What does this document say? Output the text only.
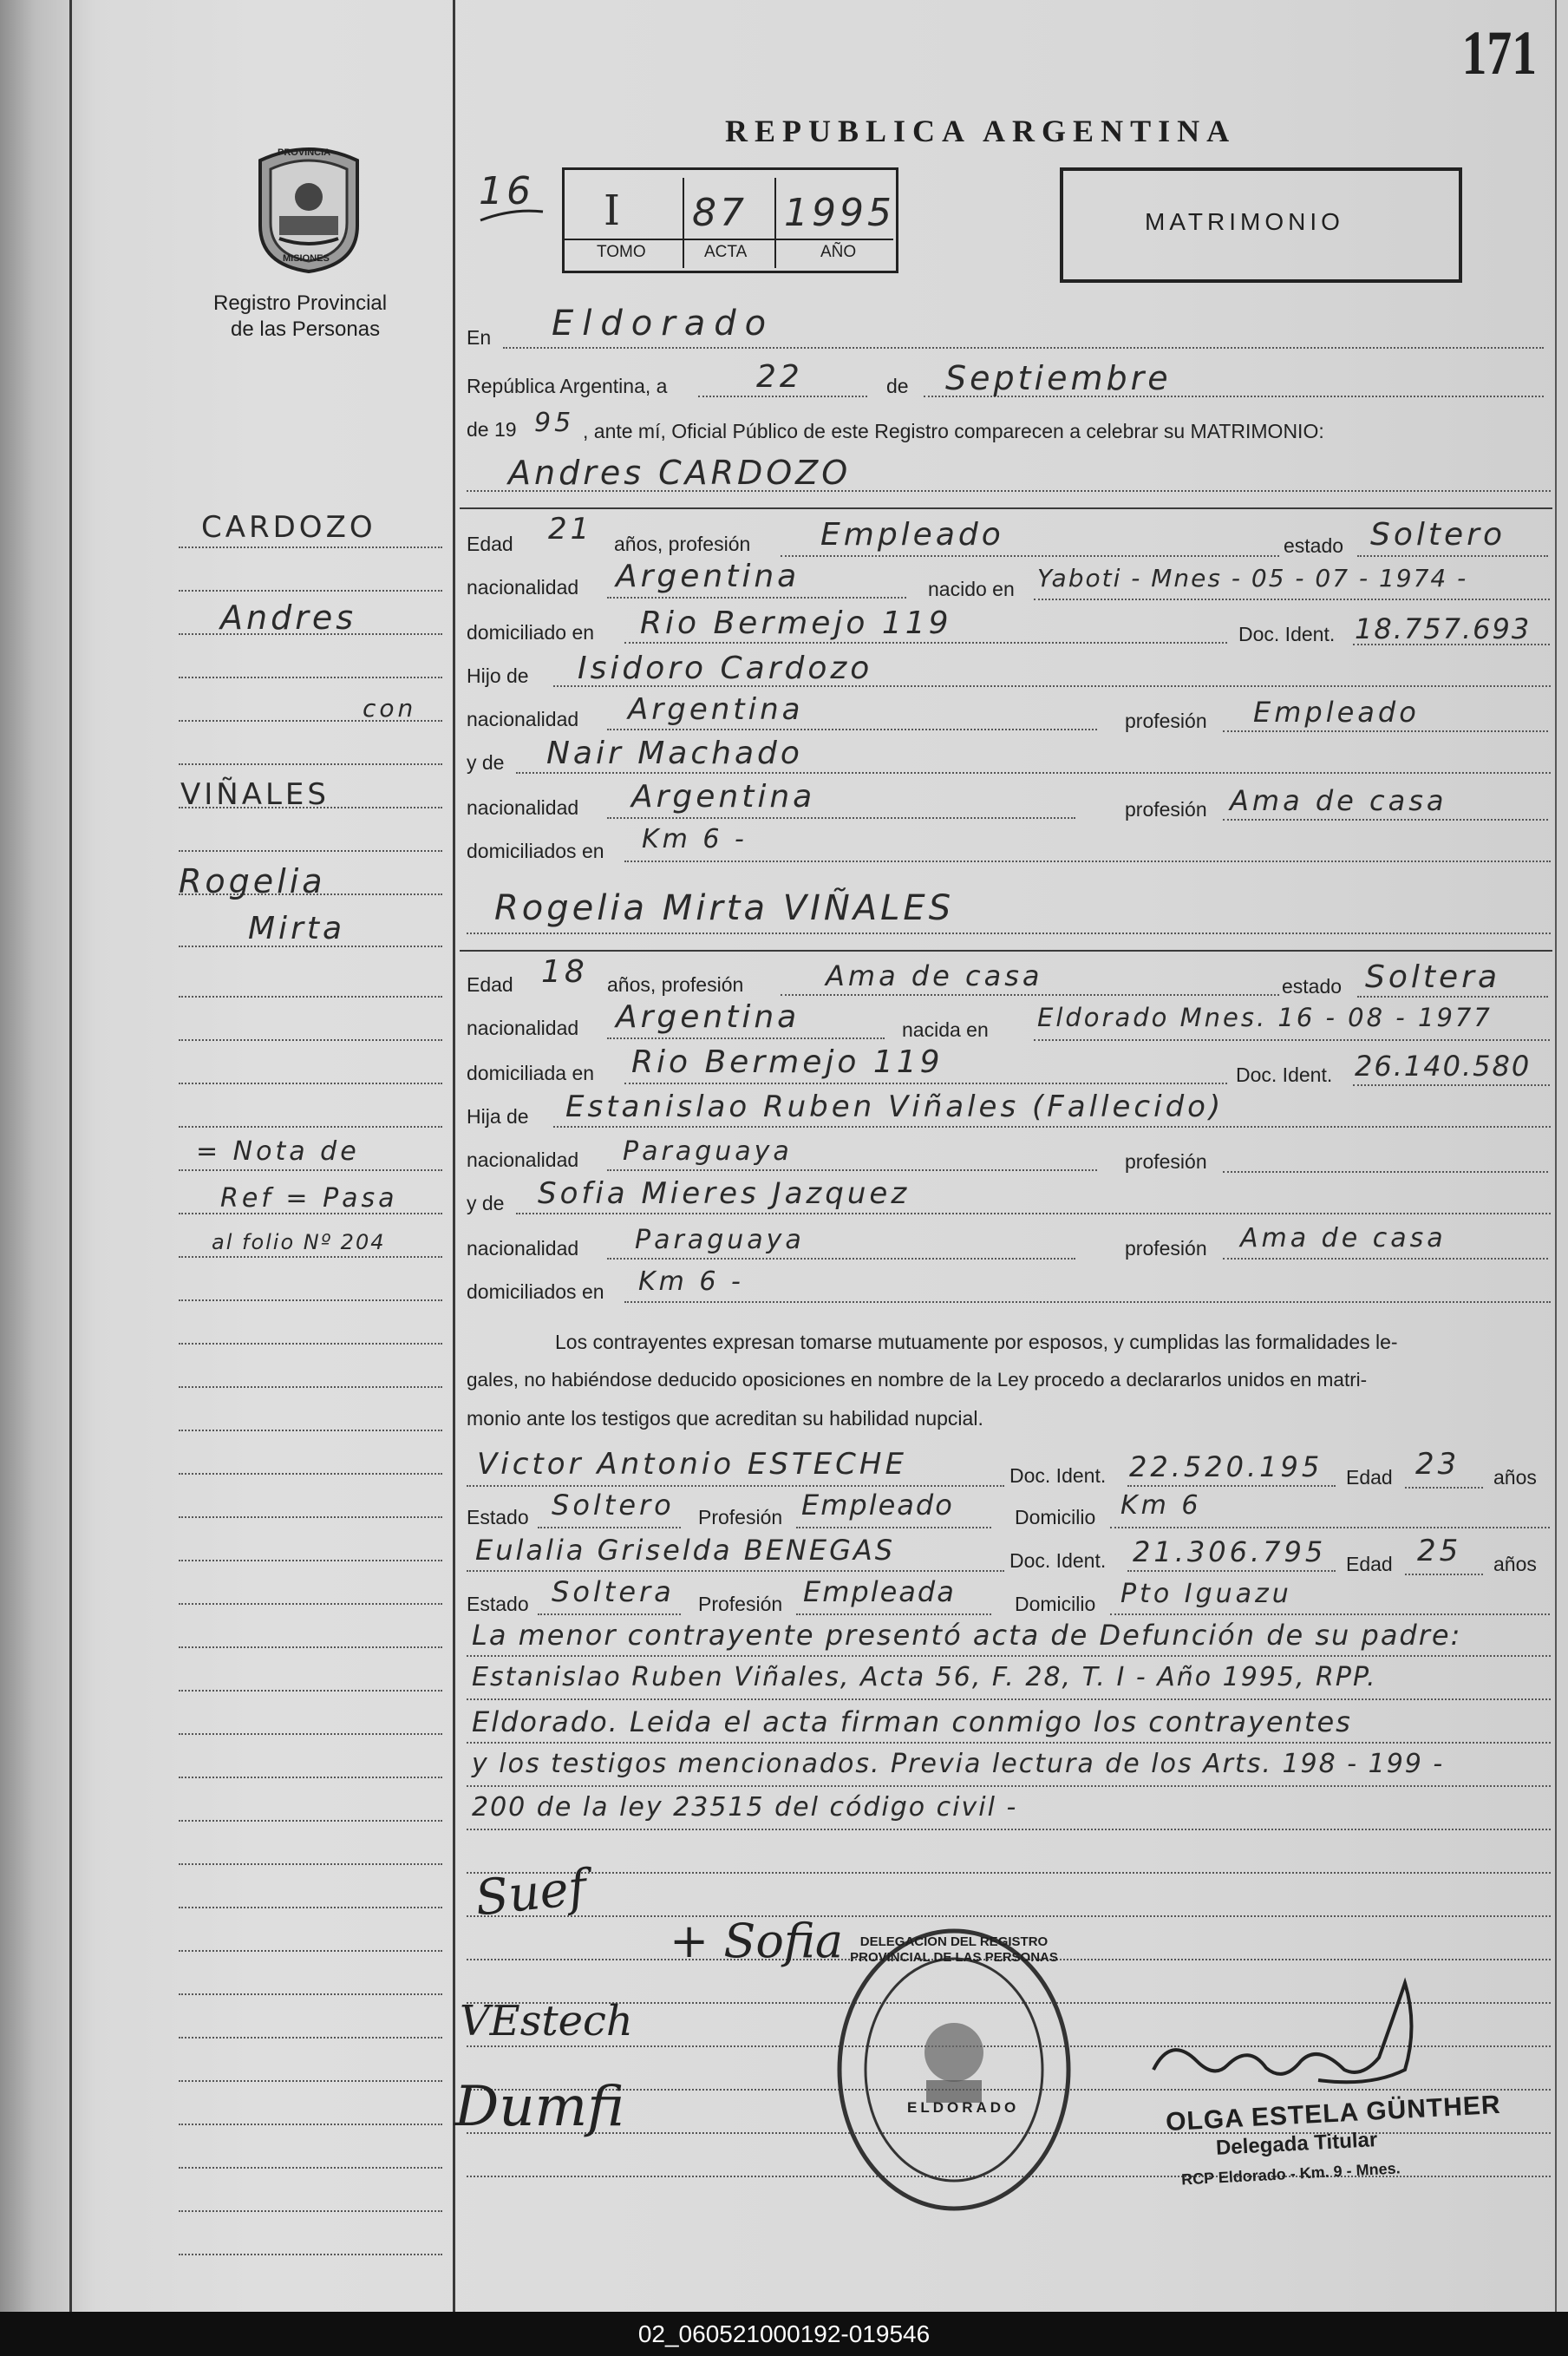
171
PROVINCIA
MISIONES
Registro Provincial
de las Personas
REPUBLICA ARGENTINA
16 I 87 1995
TOMO	ACTA	AÑO
MATRIMONIO
En Eldorado
República Argentina, a	22	de Septiembre
de 19 95 , ante mí, Oficial Público de este Registro comparecen a celebrar su MATRIMONIO:
Andres CARDOZO
Edad 21 años, profesión Empleado	estado Soltero
nacionalidad Argentina	nacido en Yaboti - Mnes - 05 - 07 - 1974 -
domiciliado en Rio Bermejo 119	Doc. Ident. 18.757.693
Hijo de Isidoro Cardozo
nacionalidad Argentina	profesión Empleado
y de Nair Machado
nacionalidad Argentina	profesión Ama de casa
domiciliados en Km 6 -
Rogelia Mirta VIÑALES
Edad 18 años, profesión	Ama de casa	estado Soltera
nacionalidad Argentina	nacida en Eldorado Mnes. 16 - 08 - 1977
domiciliada en Rio Bermejo 119	Doc. Ident. 26.140.580
Hija de Estanislao Ruben Viñales (Fallecido)
nacionalidad Paraguaya	profesión
y de Sofia Mieres Jazquez
nacionalidad Paraguaya	profesión Ama de casa
domiciliados en Km 6 -
Los contrayentes expresan tomarse mutuamente por esposos, y cumplidas las formalidades le-
gales, no habiéndose deducido oposiciones en nombre de la Ley procedo a declararlos unidos en matri-
monio ante los testigos que acreditan su habilidad nupcial.
Victor Antonio ESTECHE	Doc. Ident. 22.520.195 Edad 23 años
Estado Soltero Profesión Empleado	Domicilio Km 6
Eulalia Griselda BENEGAS	Doc. Ident. 21.306.795 Edad 25 años
Estado Soltera Profesión Empleada	Domicilio Pto Iguazu
La menor contrayente presentó acta de Defunción de su padre:
Estanislao Ruben Viñales, Acta 56, F. 28, T. I - Año 1995, RPP.
Eldorado. Leida el acta firman conmigo los contrayentes
y los testigos mencionados. Previa lectura de los Arts. 198 - 199 -
200 de la ley 23515 del código civil -
Suef
+ Sofia
VEstech
Dumfi
DELEGACION DEL REGISTRO PROVINCIAL DE LAS PERSONAS
ELDORADO	OLGA ESTELA GÜNTHER
Delegada Titular
RCP Eldorado - Km. 9 - Mnes.
CARDOZO
Andres
con
VIÑALES
Rogelia
Mirta
= Nota de
Ref = Pasa
al folio Nº 204
02_060521000192-019546
